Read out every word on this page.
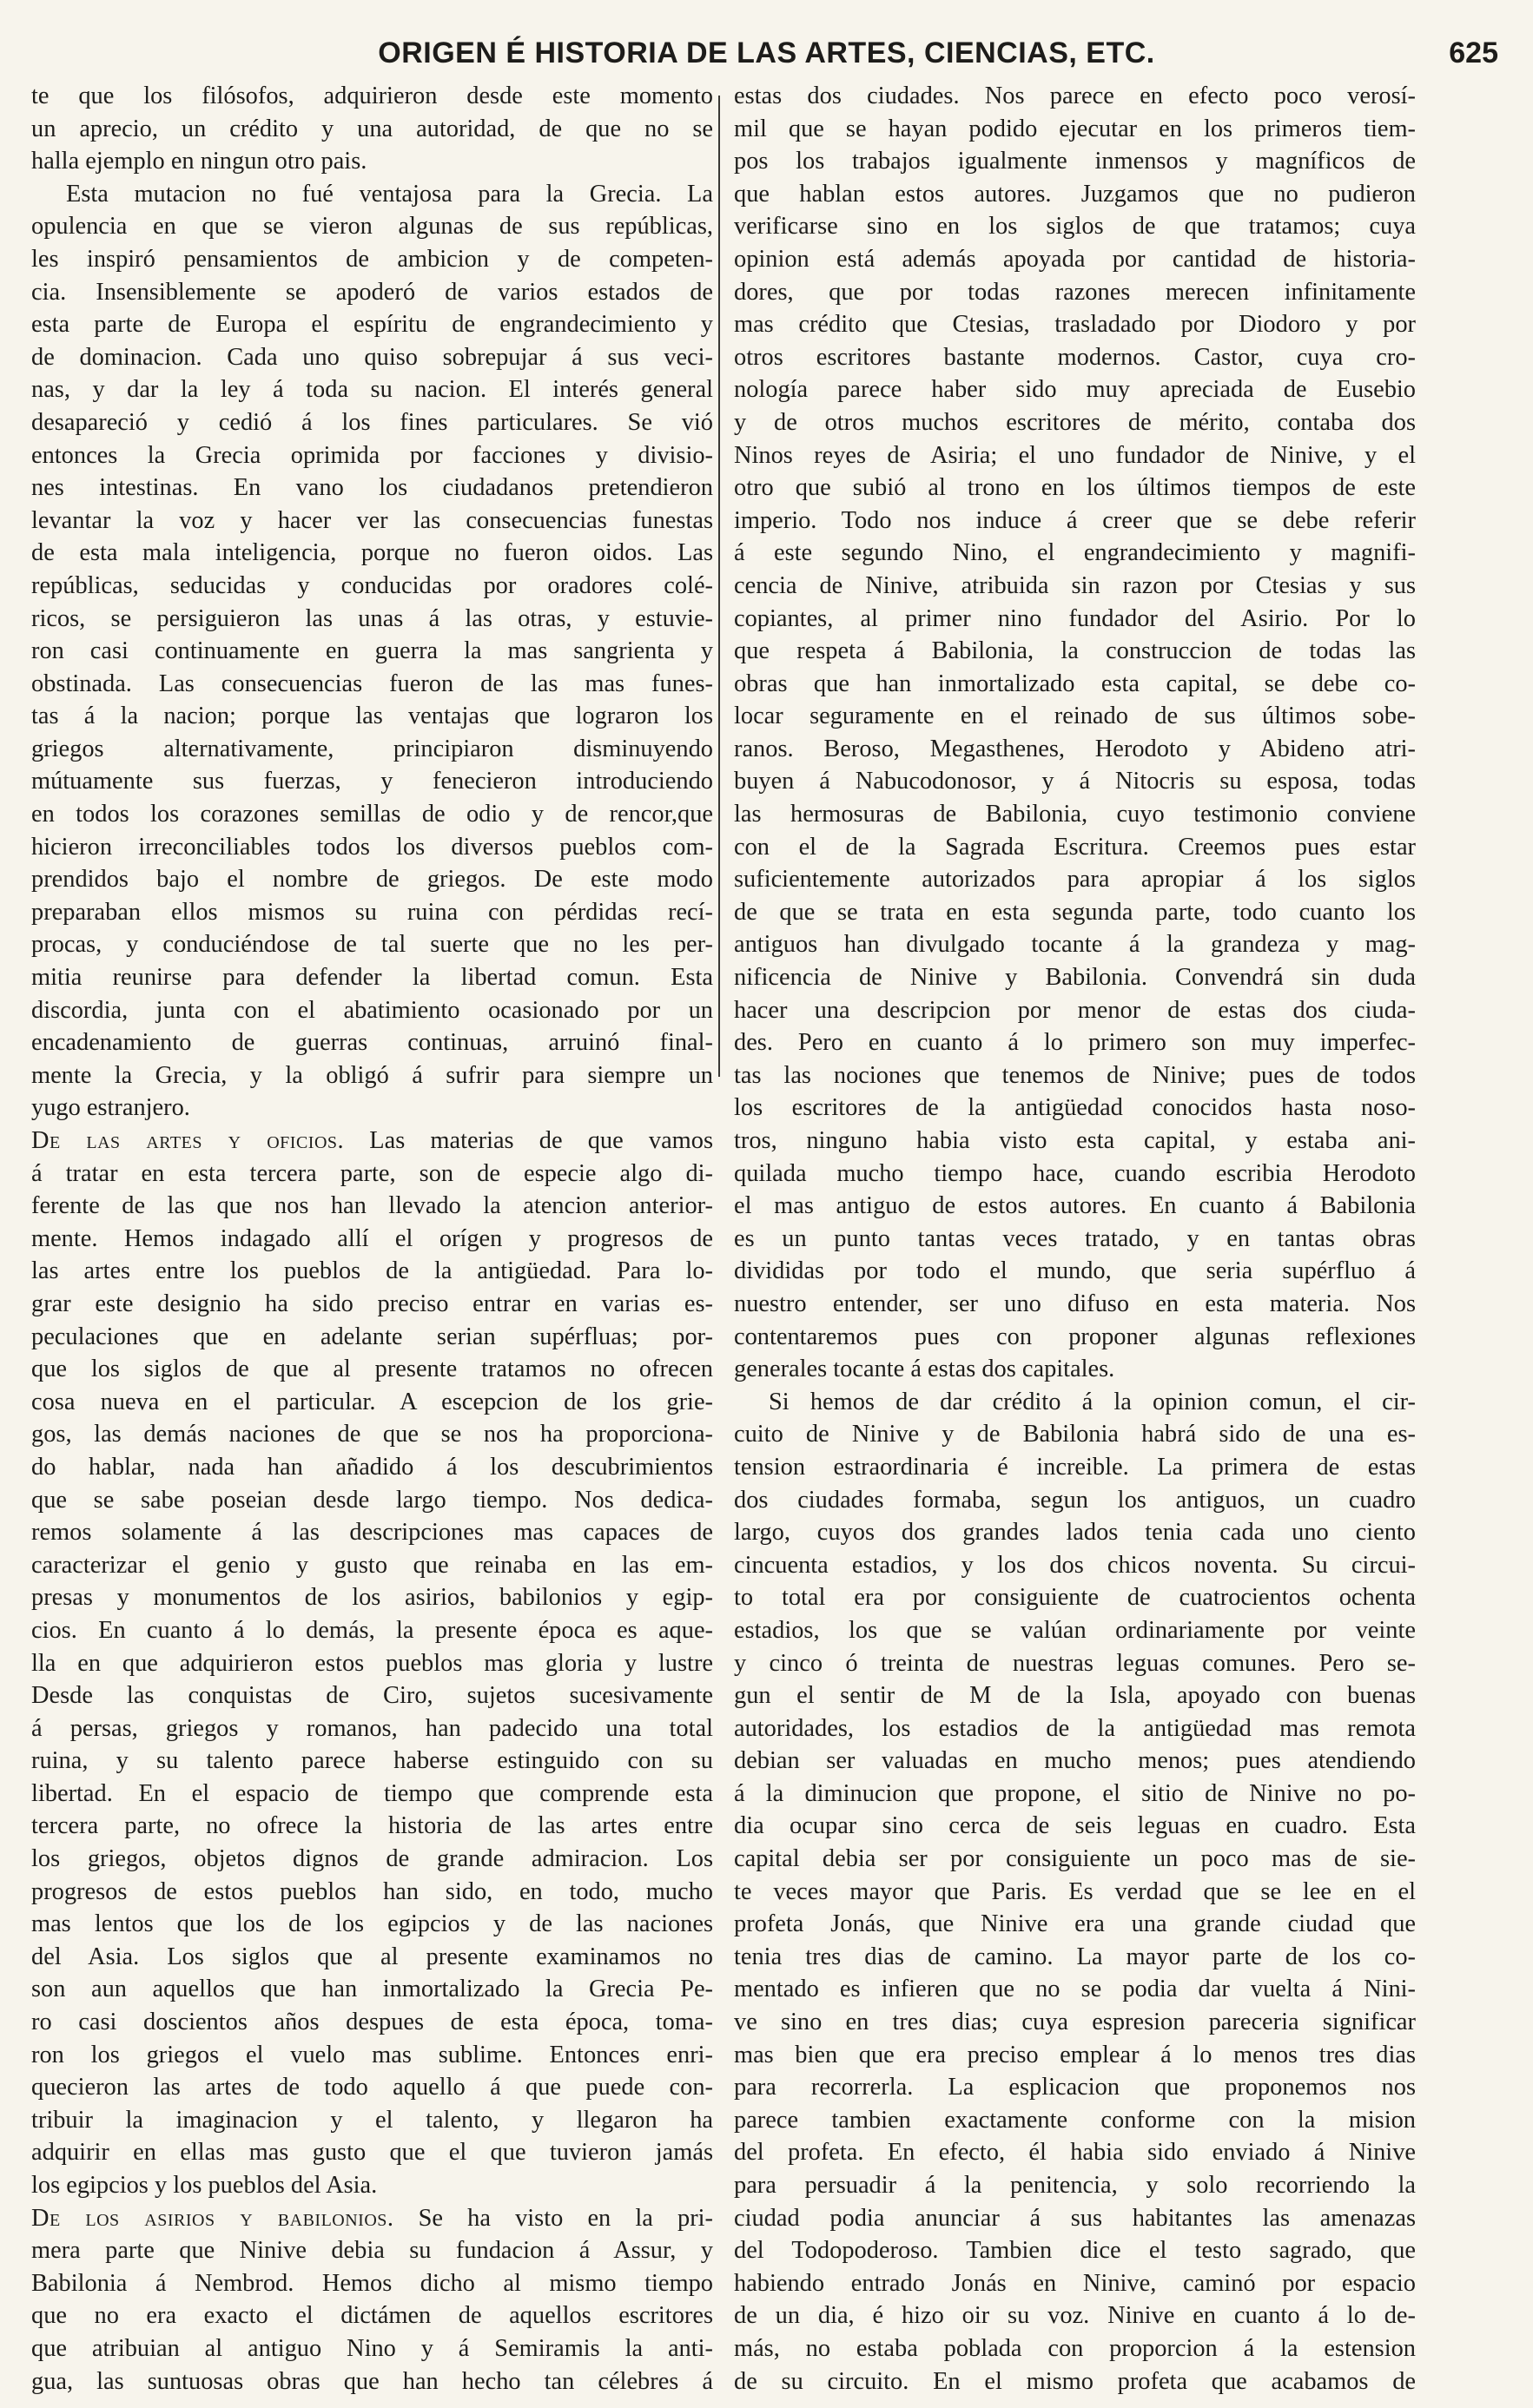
ORIGEN É HISTORIA DE LAS ARTES, CIENCIAS, ETC.	625
te que los filósofos, adquirieron desde este momento
un aprecio, un crédito y una autoridad, de que no se
halla ejemplo en ningun otro pais.
Esta mutacion no fué ventajosa para la Grecia. La
opulencia en que se vieron algunas de sus repúblicas,
les inspiró pensamientos de ambicion y de competen-
cia. Insensiblemente se apoderó de varios estados de
esta parte de Europa el espíritu de engrandecimiento y
de dominacion. Cada uno quiso sobrepujar á sus veci-
nas, y dar la ley á toda su nacion. El interés general
desapareció y cedió á los fines particulares. Se vió
entonces la Grecia oprimida por facciones y divisio-
nes intestinas. En vano los ciudadanos pretendieron
levantar la voz y hacer ver las consecuencias funestas
de esta mala inteligencia, porque no fueron oidos. Las
repúblicas, seducidas y conducidas por oradores colé-
ricos, se persiguieron las unas á las otras, y estuvie-
ron casi continuamente en guerra la mas sangrienta y
obstinada. Las consecuencias fueron de las mas funes-
tas á la nacion; porque las ventajas que lograron los
griegos alternativamente, principiaron disminuyendo
mútuamente sus fuerzas, y fenecieron introduciendo
en todos los corazones semillas de odio y de rencor,que
hicieron irreconciliables todos los diversos pueblos com-
prendidos bajo el nombre de griegos. De este modo
preparaban ellos mismos su ruina con pérdidas recí-
procas, y conduciéndose de tal suerte que no les per-
mitia reunirse para defender la libertad comun. Esta
discordia, junta con el abatimiento ocasionado por un
encadenamiento de guerras continuas, arruinó final-
mente la Grecia, y la obligó á sufrir para siempre un
yugo estranjero.
De las artes y oficios. Las materias de que vamos
á tratar en esta tercera parte, son de especie algo di-
ferente de las que nos han llevado la atencion anterior-
mente. Hemos indagado allí el orígen y progresos de
las artes entre los pueblos de la antigüedad. Para lo-
grar este designio ha sido preciso entrar en varias es-
peculaciones que en adelante serian supérfluas; por-
que los siglos de que al presente tratamos no ofrecen
cosa nueva en el particular. A escepcion de los grie-
gos, las demás naciones de que se nos ha proporciona-
do hablar, nada han añadido á los descubrimientos
que se sabe poseian desde largo tiempo. Nos dedica-
remos solamente á las descripciones mas capaces de
caracterizar el genio y gusto que reinaba en las em-
presas y monumentos de los asirios, babilonios y egip-
cios. En cuanto á lo demás, la presente época es aque-
lla en que adquirieron estos pueblos mas gloria y lustre
Desde las conquistas de Ciro, sujetos sucesivamente
á persas, griegos y romanos, han padecido una total
ruina, y su talento parece haberse estinguido con su
libertad. En el espacio de tiempo que comprende esta
tercera parte, no ofrece la historia de las artes entre
los griegos, objetos dignos de grande admiracion. Los
progresos de estos pueblos han sido, en todo, mucho
mas lentos que los de los egipcios y de las naciones
del Asia. Los siglos que al presente examinamos no
son aun aquellos que han inmortalizado la Grecia Pe-
ro casi doscientos años despues de esta época, toma-
ron los griegos el vuelo mas sublime. Entonces enri-
quecieron las artes de todo aquello á que puede con-
tribuir la imaginacion y el talento, y llegaron ha
adquirir en ellas mas gusto que el que tuvieron jamás
los egipcios y los pueblos del Asia.
De los asirios y babilonios. Se ha visto en la pri-
mera parte que Ninive debia su fundacion á Assur, y
Babilonia á Nembrod. Hemos dicho al mismo tiempo
que no era exacto el dictámen de aquellos escritores
que atribuian al antiguo Nino y á Semiramis la anti-
gua, las suntuosas obras que han hecho tan célebres á
estas dos ciudades. Nos parece en efecto poco verosí-
mil que se hayan podido ejecutar en los primeros tiem-
pos los trabajos igualmente inmensos y magníficos de
que hablan estos autores. Juzgamos que no pudieron
verificarse sino en los siglos de que tratamos; cuya
opinion está además apoyada por cantidad de historia-
dores, que por todas razones merecen infinitamente
mas crédito que Ctesias, trasladado por Diodoro y por
otros escritores bastante modernos. Castor, cuya cro-
nología parece haber sido muy apreciada de Eusebio
y de otros muchos escritores de mérito, contaba dos
Ninos reyes de Asiria; el uno fundador de Ninive, y el
otro que subió al trono en los últimos tiempos de este
imperio. Todo nos induce á creer que se debe referir
á este segundo Nino, el engrandecimiento y magnifi-
cencia de Ninive, atribuida sin razon por Ctesias y sus
copiantes, al primer nino fundador del Asirio. Por lo
que respeta á Babilonia, la construccion de todas las
obras que han inmortalizado esta capital, se debe co-
locar seguramente en el reinado de sus últimos sobe-
ranos. Beroso, Megasthenes, Herodoto y Abideno atri-
buyen á Nabucodonosor, y á Nitocris su esposa, todas
las hermosuras de Babilonia, cuyo testimonio conviene
con el de la Sagrada Escritura. Creemos pues estar
suficientemente autorizados para apropiar á los siglos
de que se trata en esta segunda parte, todo cuanto los
antiguos han divulgado tocante á la grandeza y mag-
nificencia de Ninive y Babilonia. Convendrá sin duda
hacer una descripcion por menor de estas dos ciuda-
des. Pero en cuanto á lo primero son muy imperfec-
tas las nociones que tenemos de Ninive; pues de todos
los escritores de la antigüedad conocidos hasta noso-
tros, ninguno habia visto esta capital, y estaba ani-
quilada mucho tiempo hace, cuando escribia Herodoto
el mas antiguo de estos autores. En cuanto á Babilonia
es un punto tantas veces tratado, y en tantas obras
divididas por todo el mundo, que seria supérfluo á
nuestro entender, ser uno difuso en esta materia. Nos
contentaremos pues con proponer algunas reflexiones
generales tocante á estas dos capitales.
Si hemos de dar crédito á la opinion comun, el cir-
cuito de Ninive y de Babilonia habrá sido de una es-
tension estraordinaria é increible. La primera de estas
dos ciudades formaba, segun los antiguos, un cuadro
largo, cuyos dos grandes lados tenia cada uno ciento
cincuenta estadios, y los dos chicos noventa. Su circui-
to total era por consiguiente de cuatrocientos ochenta
estadios, los que se valúan ordinariamente por veinte
y cinco ó treinta de nuestras leguas comunes. Pero se-
gun el sentir de M de la Isla, apoyado con buenas
autoridades, los estadios de la antigüedad mas remota
debian ser valuadas en mucho menos; pues atendiendo
á la diminucion que propone, el sitio de Ninive no po-
dia ocupar sino cerca de seis leguas en cuadro. Esta
capital debia ser por consiguiente un poco mas de sie-
te veces mayor que Paris. Es verdad que se lee en el
profeta Jonás, que Ninive era una grande ciudad que
tenia tres dias de camino. La mayor parte de los co-
mentado es infieren que no se podia dar vuelta á Nini-
ve sino en tres dias; cuya espresion pareceria significar
mas bien que era preciso emplear á lo menos tres dias
para recorrerla. La esplicacion que proponemos nos
parece tambien exactamente conforme con la mision
del profeta. En efecto, él habia sido enviado á Ninive
para persuadir á la penitencia, y solo recorriendo la
ciudad podia anunciar á sus habitantes las amenazas
del Todopoderoso. Tambien dice el testo sagrado, que
habiendo entrado Jonás en Ninive, caminó por espacio
de un dia, é hizo oir su voz. Ninive en cuanto á lo de-
más, no estaba poblada con proporcion á la estension
de su circuito. En el mismo profeta que acabamos de
